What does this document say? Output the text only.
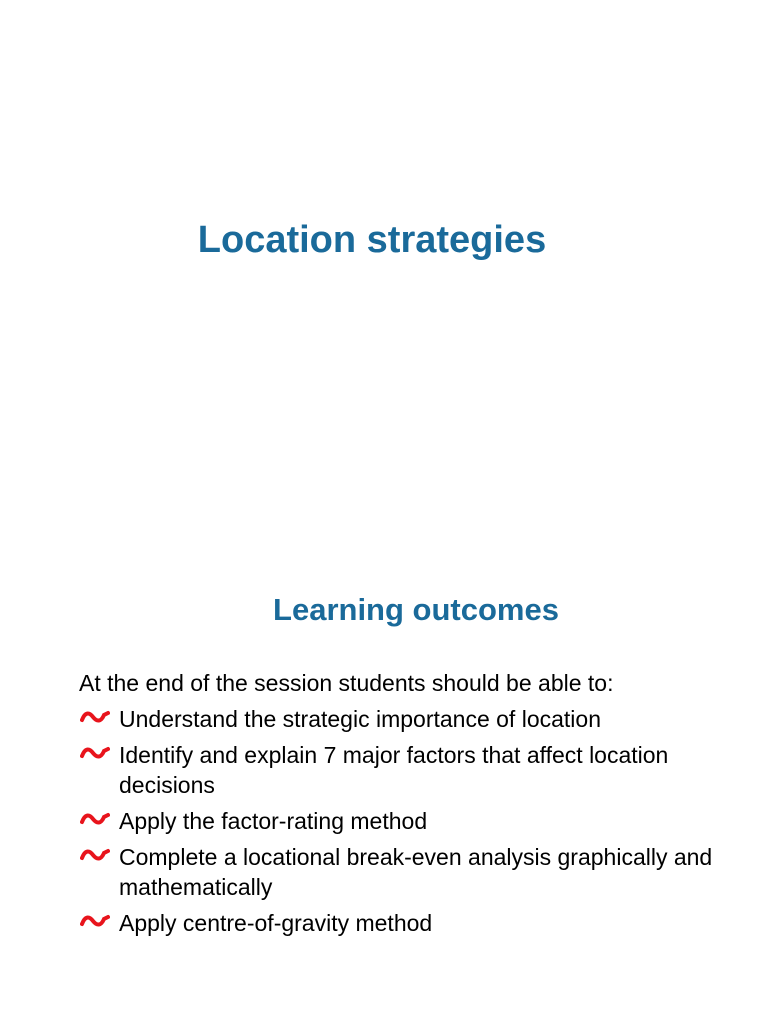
Location strategies
Learning outcomes

At the end of the session students should be able to:

Understand the strategic importance of location
Identify and explain 7 major factors that affect location decisions
Apply the factor-rating method
Complete a locational break-even analysis graphically and mathematically
Apply centre-of-gravity method
